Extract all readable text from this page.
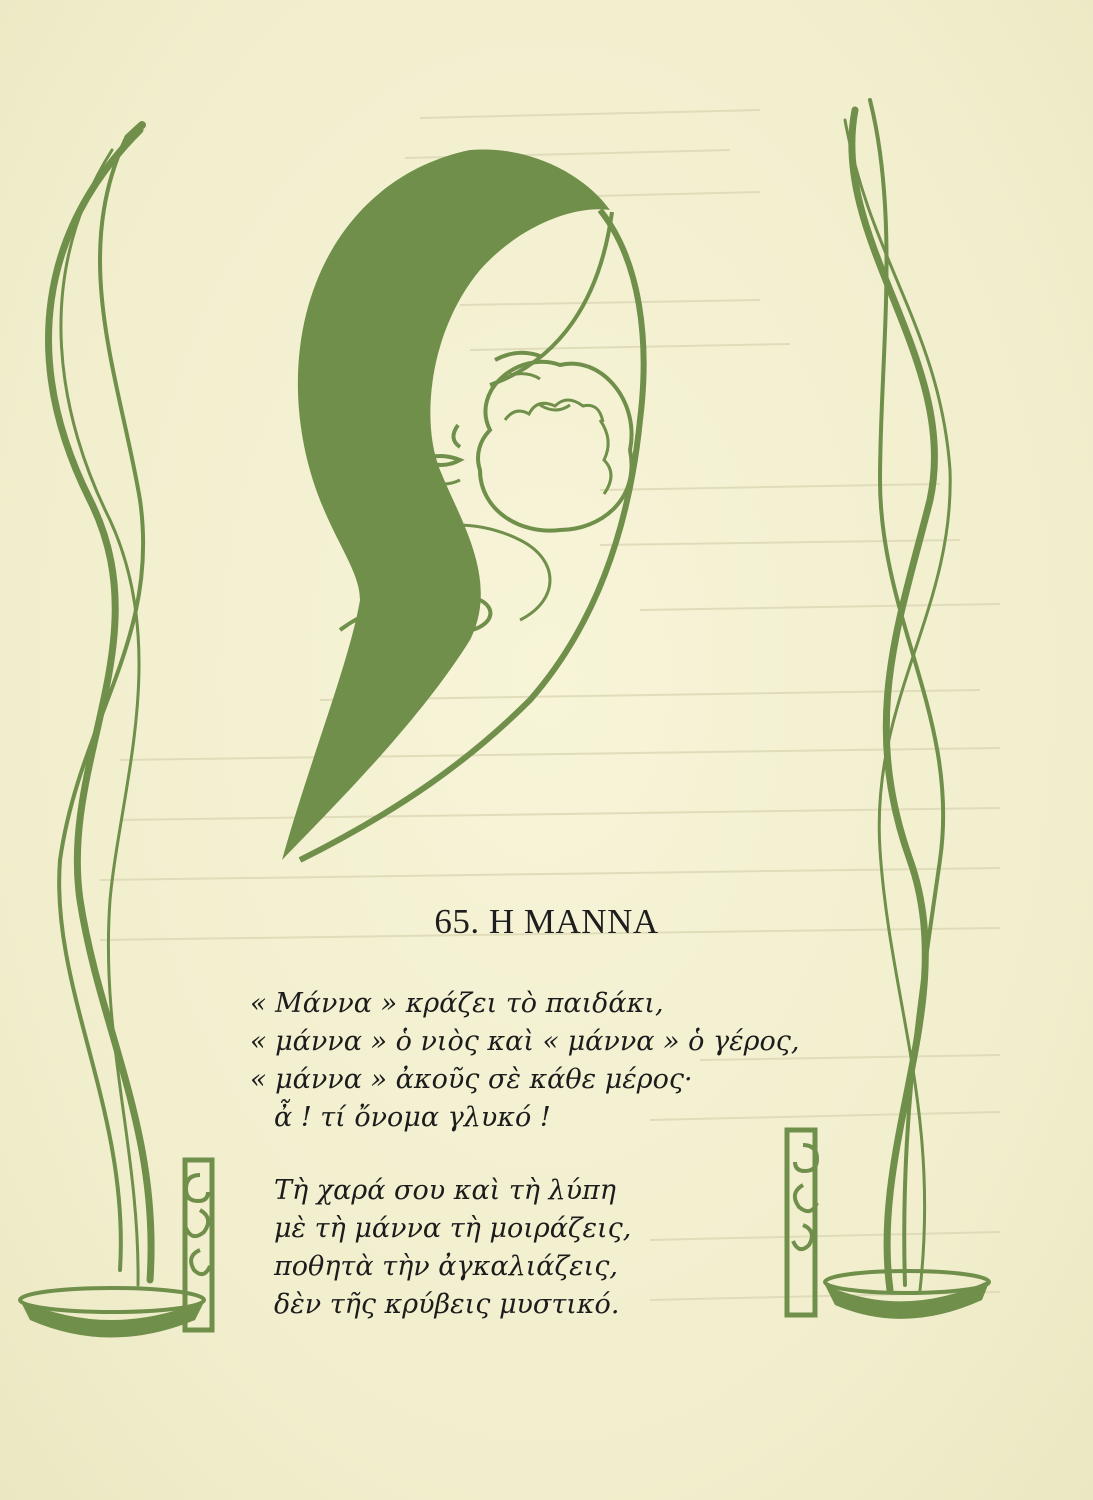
65. Η ΜΑΝΝΑ
« Μάννα » κράζει τὸ παιδάκι,
« μάννα » ὁ νιὸς καὶ « μάννα » ὁ γέρος,
« μάννα » ἀκοῦς σὲ κάθε μέρος·
ἆ ! τί ὄνομα γλυκό !
Τὴ χαρά σου καὶ τὴ λύπη
μὲ τὴ μάννα τὴ μοιράζεις,
ποθητὰ τὴν ἀγκαλιάζεις,
δὲν τῆς κρύβεις μυστικό.
